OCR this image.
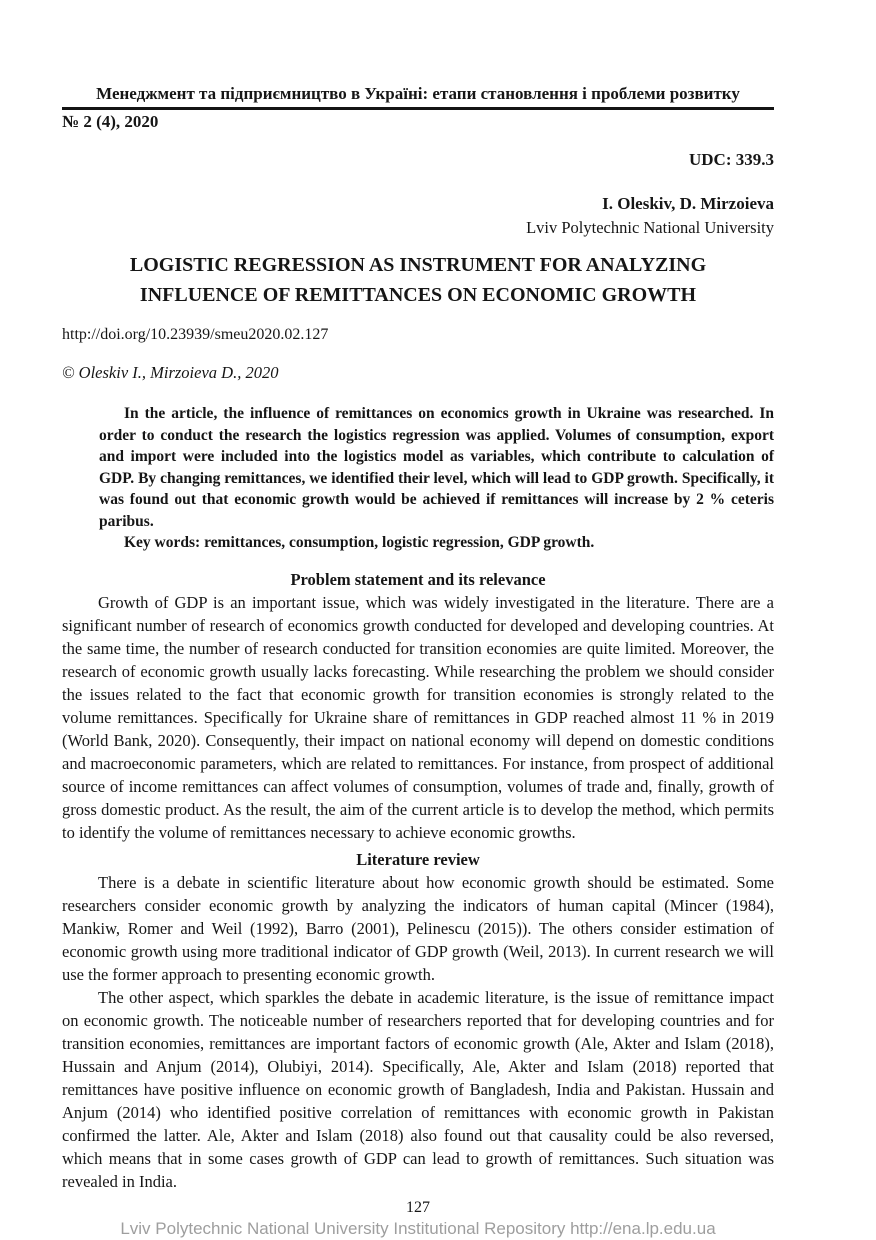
Менеджмент та підприємництво в Україні: етапи становлення і проблеми розвитку
№ 2 (4), 2020
UDC: 339.3
I. Oleskiv, D. Mirzoieva
Lviv Polytechnic National University
LOGISTIC REGRESSION AS INSTRUMENT FOR ANALYZING
INFLUENCE OF REMITTANCES ON ECONOMIC GROWTH
http://doi.org/10.23939/smeu2020.02.127
© Oleskiv I., Mirzoieva D., 2020

In the article, the influence of remittances on economics growth in Ukraine was researched. In order to conduct the research the logistics regression was applied. Volumes of consumption, export and import were included into the logistics model as variables, which contribute to calculation of GDP. By changing remittances, we identified their level, which will lead to GDP growth. Specifically, it was found out that economic growth would be achieved if remittances will increase by 2 % ceteris paribus.

Key words: remittances, consumption, logistic regression, GDP growth.

Problem statement and its relevance

Growth of GDP is an important issue, which was widely investigated in the literature. There are a significant number of research of economics growth conducted for developed and developing countries. At the same time, the number of research conducted for transition economies are quite limited. Moreover, the research of economic growth usually lacks forecasting. While researching the problem we should consider the issues related to the fact that economic growth for transition economies is strongly related to the volume remittances. Specifically for Ukraine share of remittances in GDP reached almost 11 % in 2019 (World Bank, 2020). Consequently, their impact on national economy will depend on domestic conditions and macroeconomic parameters, which are related to remittances. For instance, from prospect of additional source of income remittances can affect volumes of consumption, volumes of trade and, finally, growth of gross domestic product. As the result, the aim of the current article is to develop the method, which permits to identify the volume of remittances necessary to achieve economic growths.

Literature review

There is a debate in scientific literature about how economic growth should be estimated. Some researchers consider economic growth by analyzing the indicators of human capital (Mincer (1984), Mankiw, Romer and Weil (1992), Barro (2001), Pelinescu (2015)). The others consider estimation of economic growth using more traditional indicator of GDP growth (Weil, 2013). In current research we will use the former approach to presenting economic growth.

The other aspect, which sparkles the debate in academic literature, is the issue of remittance impact on economic growth. The noticeable number of researchers reported that for developing countries and for transition economies, remittances are important factors of economic growth (Ale, Akter and Islam (2018), Hussain and Anjum (2014), Olubiyi, 2014). Specifically, Ale, Akter and Islam (2018) reported that remittances have positive influence on economic growth of Bangladesh, India and Pakistan. Hussain and Anjum (2014) who identified positive correlation of remittances with economic growth in Pakistan confirmed the latter. Ale, Akter and Islam (2018) also found out that causality could be also reversed, which means that in some cases growth of GDP can lead to growth of remittances. Such situation was revealed in India.

127
Lviv Polytechnic National University Institutional Repository http://ena.lp.edu.ua
